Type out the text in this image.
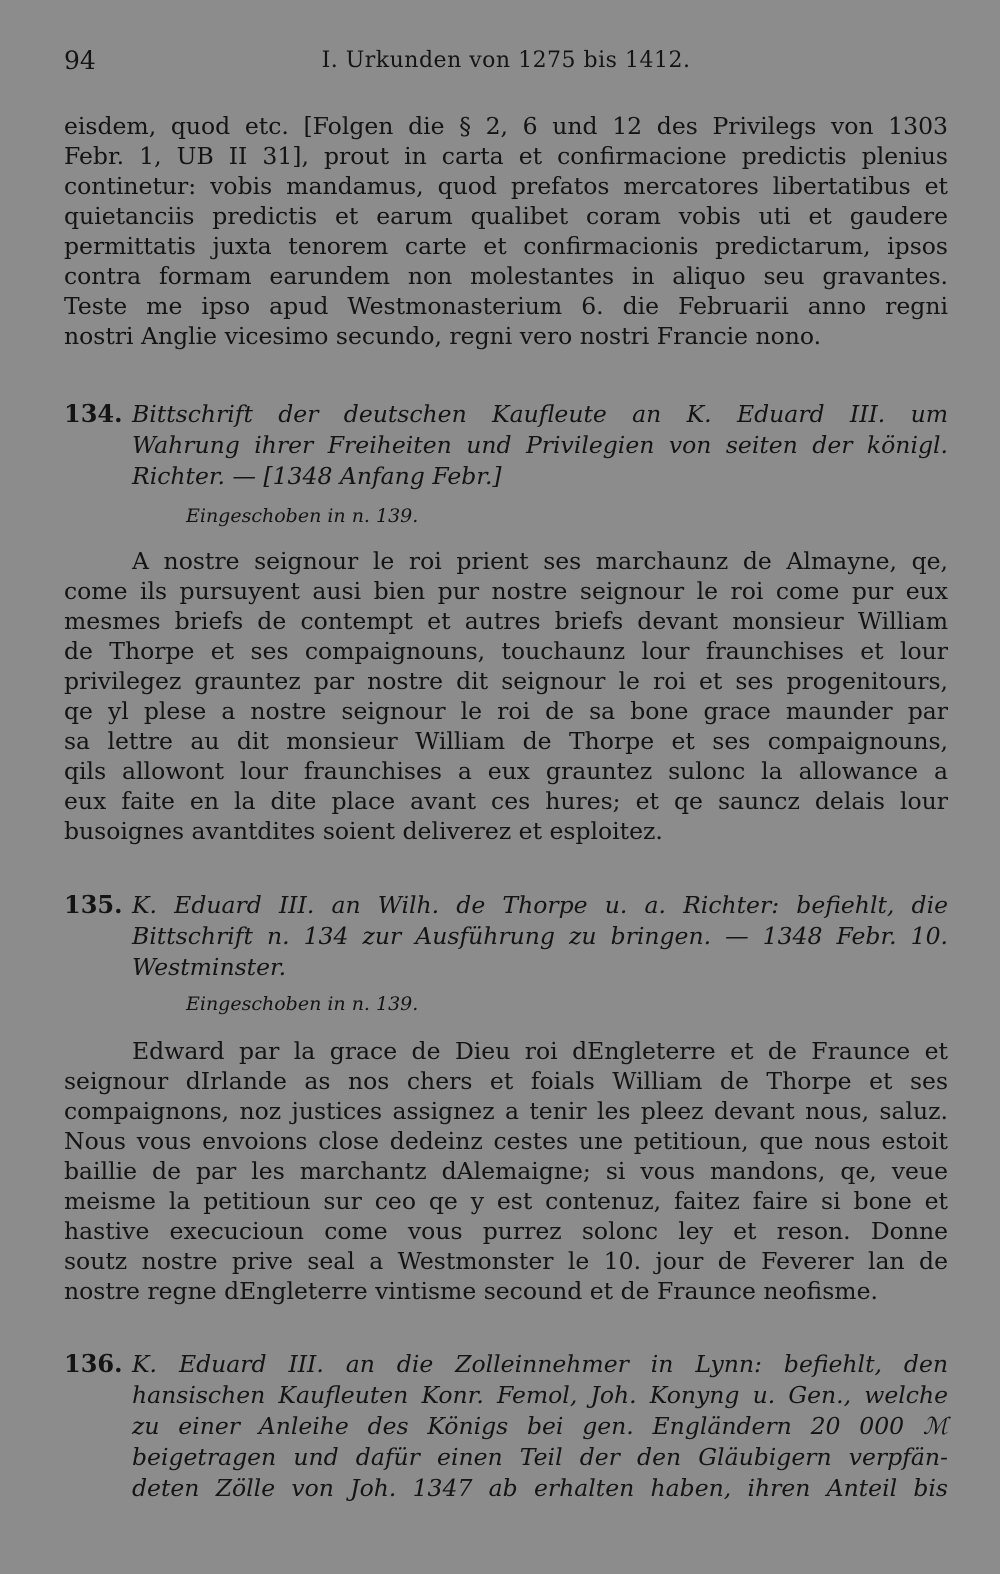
94	I. Urkunden von 1275 bis 1412.
eisdem, quod etc. [Folgen die § 2, 6 und 12 des Privilegs von 1303
Febr. 1, UB II 31], prout in carta et confirmacione predictis plenius
continetur: vobis mandamus, quod prefatos mercatores libertatibus et
quietanciis predictis et earum qualibet coram vobis uti et gaudere
permittatis juxta tenorem carte et confirmacionis predictarum, ipsos
contra formam earundem non molestantes in aliquo seu gravantes.
Teste me ipso apud Westmonasterium 6. die Februarii anno regni
nostri Anglie vicesimo secundo, regni vero nostri Francie nono.
134. Bittschrift der deutschen Kaufleute an K. Eduard III. um
Wahrung ihrer Freiheiten und Privilegien von seiten der königl.
Richter. — [1348 Anfang Febr.]
Eingeschoben in n. 139.
A nostre seignour le roi prient ses marchaunz de Almayne, qe,
come ils pursuyent ausi bien pur nostre seignour le roi come pur eux
mesmes briefs de contempt et autres briefs devant monsieur William
de Thorpe et ses compaignouns, touchaunz lour fraunchises et lour
privilegez grauntez par nostre dit seignour le roi et ses progenitours,
qe yl plese a nostre seignour le roi de sa bone grace maunder par
sa lettre au dit monsieur William de Thorpe et ses compaignouns,
qils allowont lour fraunchises a eux grauntez sulonc la allowance a
eux faite en la dite place avant ces hures; et qe sauncz delais lour
busoignes avantdites soient deliverez et esploitez.
135. K. Eduard III. an Wilh. de Thorpe u. a. Richter: befiehlt, die
Bittschrift n. 134 zur Ausführung zu bringen. — 1348 Febr. 10.
Westminster.
Eingeschoben in n. 139.
Edward par la grace de Dieu roi dEngleterre et de Fraunce et
seignour dIrlande as nos chers et foials William de Thorpe et ses
compaignons, noz justices assignez a tenir les pleez devant nous, saluz.
Nous vous envoions close dedeinz cestes une petitioun, que nous estoit
baillie de par les marchantz dAlemaigne; si vous mandons, qe, veue
meisme la petitioun sur ceo qe y est contenuz, faitez faire si bone et
hastive execucioun come vous purrez solonc ley et reson. Donne
soutz nostre prive seal a Westmonster le 10. jour de Feverer lan de
nostre regne dEngleterre vintisme secound et de Fraunce neofisme.
136. K. Eduard III. an die Zolleinnehmer in Lynn: befiehlt, den
hansischen Kaufleuten Konr. Femol, Joh. Konyng u. Gen., welche
zu einer Anleihe des Königs bei gen. Engländern 20 000 ℳ
beigetragen und dafür einen Teil der den Gläubigern verpfän-
deten Zölle von Joh. 1347 ab erhalten haben, ihren Anteil bis
